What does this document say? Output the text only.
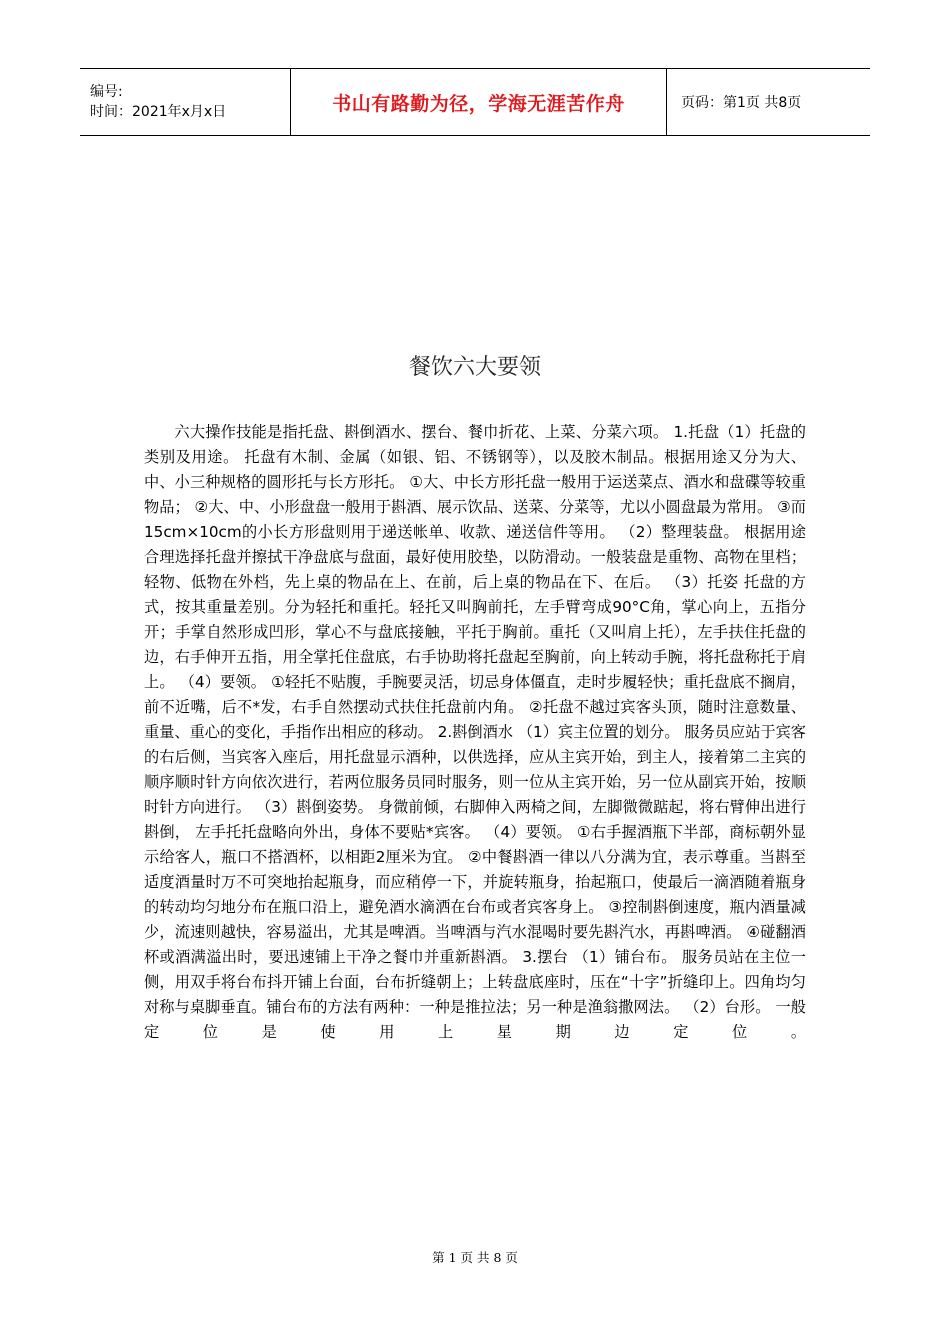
编号:
时间：2021年x月x日	书山有路勤为径，学海无涯苦作舟	页码：第1页 共8页
餐饮六大要领
六大操作技能是指托盘、斟倒酒水、摆台、餐巾折花、上菜、分菜六项。 1.托盘（1）托盘的类别及用途。 托盘有木制、金属（如银、铝、不锈钢等），以及胶木制品。根据用途又分为大、中、小三种规格的圆形托与长方形托。 ①大、中长方形托盘一般用于运送菜点、酒水和盘碟等较重物品； ②大、中、小形盘盘一般用于斟酒、展示饮品、送菜、分菜等，尤以小圆盘最为常用。 ③而15cm×10cm的小长方形盘则用于递送帐单、收款、递送信件等用。 （2）整理装盘。 根据用途合理选择托盘并擦拭干净盘底与盘面，最好使用胶垫，以防滑动。一般装盘是重物、高物在里档；轻物、低物在外档，先上桌的物品在上、在前，后上桌的物品在下、在后。 （3）托姿 托盘的方式，按其重量差别。分为轻托和重托。轻托又叫胸前托，左手臂弯成90°C角，掌心向上，五指分开；手掌自然形成凹形，掌心不与盘底接触，平托于胸前。重托（又叫肩上托），左手扶住托盘的边，右手伸开五指，用全掌托住盘底，右手协助将托盘起至胸前，向上转动手腕，将托盘称托于肩上。 （4）要领。 ①轻托不贴腹，手腕要灵活，切忌身体僵直，走时步履轻快；重托盘底不搁肩，前不近嘴，后不*发，右手自然摆动式扶住托盘前内角。 ②托盘不越过宾客头顶，随时注意数量、重量、重心的变化，手指作出相应的移动。 2.斟倒酒水 （1）宾主位置的划分。 服务员应站于宾客的右后侧，当宾客入座后，用托盘显示酒种，以供选择，应从主宾开始，到主人，接着第二主宾的顺序顺时针方向依次进行，若两位服务员同时服务，则一位从主宾开始，另一位从副宾开始，按顺时针方向进行。 （3）斟倒姿势。 身微前倾，右脚伸入两椅之间，左脚微微踮起，将右臂伸出进行斟倒， 左手托托盘略向外出，身体不要贴*宾客。 （4）要领。 ①右手握酒瓶下半部，商标朝外显示给客人，瓶口不搭酒杯，以相距2厘米为宜。 ②中餐斟酒一律以八分满为宜，表示尊重。当斟至适度酒量时万不可突地抬起瓶身，而应稍停一下，并旋转瓶身，抬起瓶口，使最后一滴酒随着瓶身的转动均匀地分布在瓶口沿上，避免酒水滴洒在台布或者宾客身上。 ③控制斟倒速度，瓶内酒量减少，流速则越快，容易溢出，尤其是啤酒。当啤酒与汽水混喝时要先斟汽水，再斟啤酒。 ④碰翻酒杯或酒满溢出时，要迅速铺上干净之餐巾并重新斟酒。 3.摆台 （1）铺台布。 服务员站在主位一侧，用双手将台布抖开铺上台面，台布折缝朝上；上转盘底座时，压在“十字”折缝印上。四角均匀对称与桌脚垂直。铺台布的方法有两种：一种是推拉法；另一种是渔翁撒网法。 （2）台形。 一般定位是使用上星期边定位。
第 1 页 共 8 页
